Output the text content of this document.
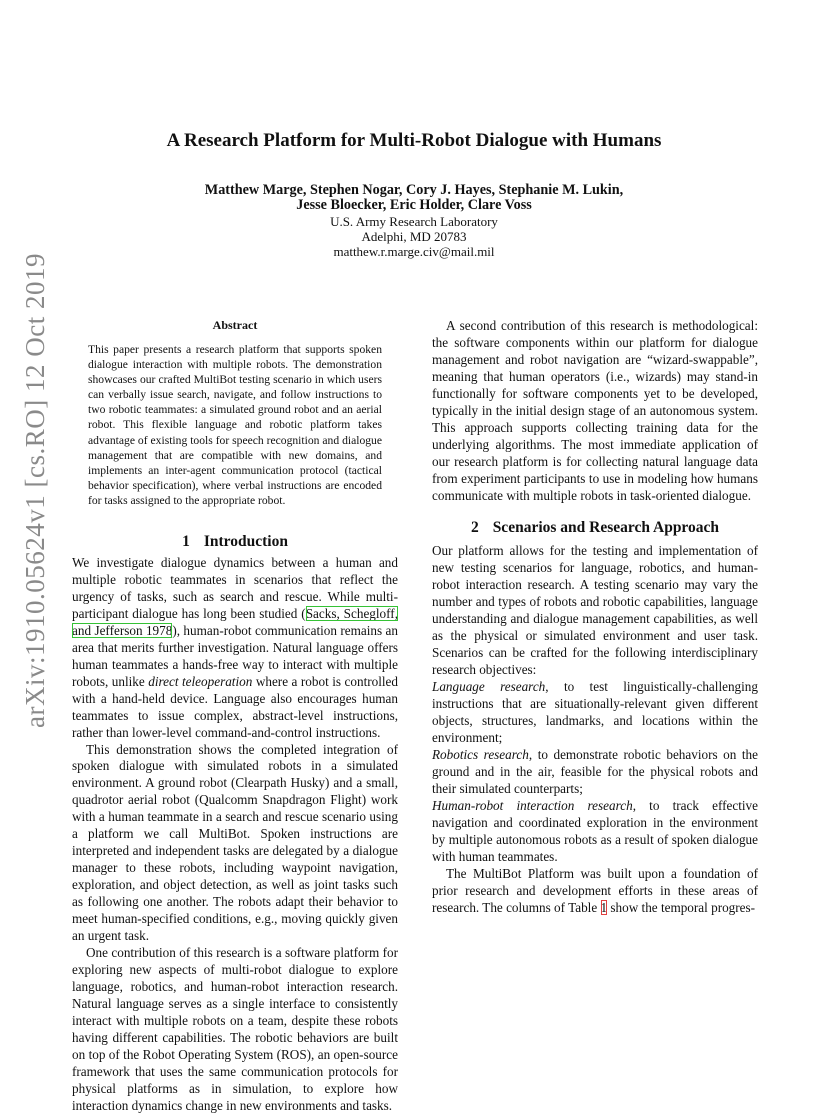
arXiv:1910.05624v1 [cs.RO] 12 Oct 2019
A Research Platform for Multi-Robot Dialogue with Humans
Matthew Marge, Stephen Nogar, Cory J. Hayes, Stephanie M. Lukin,
Jesse Bloecker, Eric Holder, Clare Voss
U.S. Army Research Laboratory
Adelphi, MD 20783
matthew.r.marge.civ@mail.mil
Abstract

This paper presents a research platform that supports spoken dialogue interaction with multiple robots. The demonstration showcases our crafted MultiBot testing scenario in which users can verbally issue search, navigate, and follow instructions to two robotic teammates: a simulated ground robot and an aerial robot. This flexible language and robotic platform takes advantage of existing tools for speech recognition and dialogue management that are compatible with new domains, and implements an inter-agent communication protocol (tactical behavior specification), where verbal instructions are encoded for tasks assigned to the appropriate robot.

1 Introduction

We investigate dialogue dynamics between a human and multiple robotic teammates in scenarios that reflect the urgency of tasks, such as search and rescue. While multi-participant dialogue has long been studied (Sacks, Schegloff, and Jefferson 1978), human-robot communication remains an area that merits further investigation. Natural language offers human teammates a hands-free way to interact with multiple robots, unlike direct teleoperation where a robot is controlled with a hand-held device. Language also encourages human teammates to issue complex, abstract-level instructions, rather than lower-level command-and-control instructions.

This demonstration shows the completed integration of spoken dialogue with simulated robots in a simulated environment. A ground robot (Clearpath Husky) and a small, quadrotor aerial robot (Qualcomm Snapdragon Flight) work with a human teammate in a search and rescue scenario using a platform we call MultiBot. Spoken instructions are interpreted and independent tasks are delegated by a dialogue manager to these robots, including waypoint navigation, exploration, and object detection, as well as joint tasks such as following one another. The robots adapt their behavior to meet human-specified conditions, e.g., moving quickly given an urgent task.

One contribution of this research is a software platform for exploring new aspects of multi-robot dialogue to explore language, robotics, and human-robot interaction research. Natural language serves as a single interface to consistently interact with multiple robots on a team, despite these robots having different capabilities. The robotic behaviors are built on top of the Robot Operating System (ROS), an open-source framework that uses the same communication protocols for physical platforms as in simulation, to explore how interaction dynamics change in new environments and tasks.

A second contribution of this research is methodological: the software components within our platform for dialogue management and robot navigation are “wizard-swappable”, meaning that human operators (i.e., wizards) may stand-in functionally for software components yet to be developed, typically in the initial design stage of an autonomous system. This approach supports collecting training data for the underlying algorithms. The most immediate application of our research platform is for collecting natural language data from experiment participants to use in modeling how humans communicate with multiple robots in task-oriented dialogue.

2 Scenarios and Research Approach

Our platform allows for the testing and implementation of new testing scenarios for language, robotics, and human-robot interaction research. A testing scenario may vary the number and types of robots and robotic capabilities, language understanding and dialogue management capabilities, as well as the physical or simulated environment and user task. Scenarios can be crafted for the following interdisciplinary research objectives:

Language research, to test linguistically-challenging instructions that are situationally-relevant given different objects, structures, landmarks, and locations within the environment;

Robotics research, to demonstrate robotic behaviors on the ground and in the air, feasible for the physical robots and their simulated counterparts;

Human-robot interaction research, to track effective navigation and coordinated exploration in the environment by multiple autonomous robots as a result of spoken dialogue with human teammates.

The MultiBot Platform was built upon a foundation of prior research and development efforts in these areas of research. The columns of Table 1 show the temporal progres-
